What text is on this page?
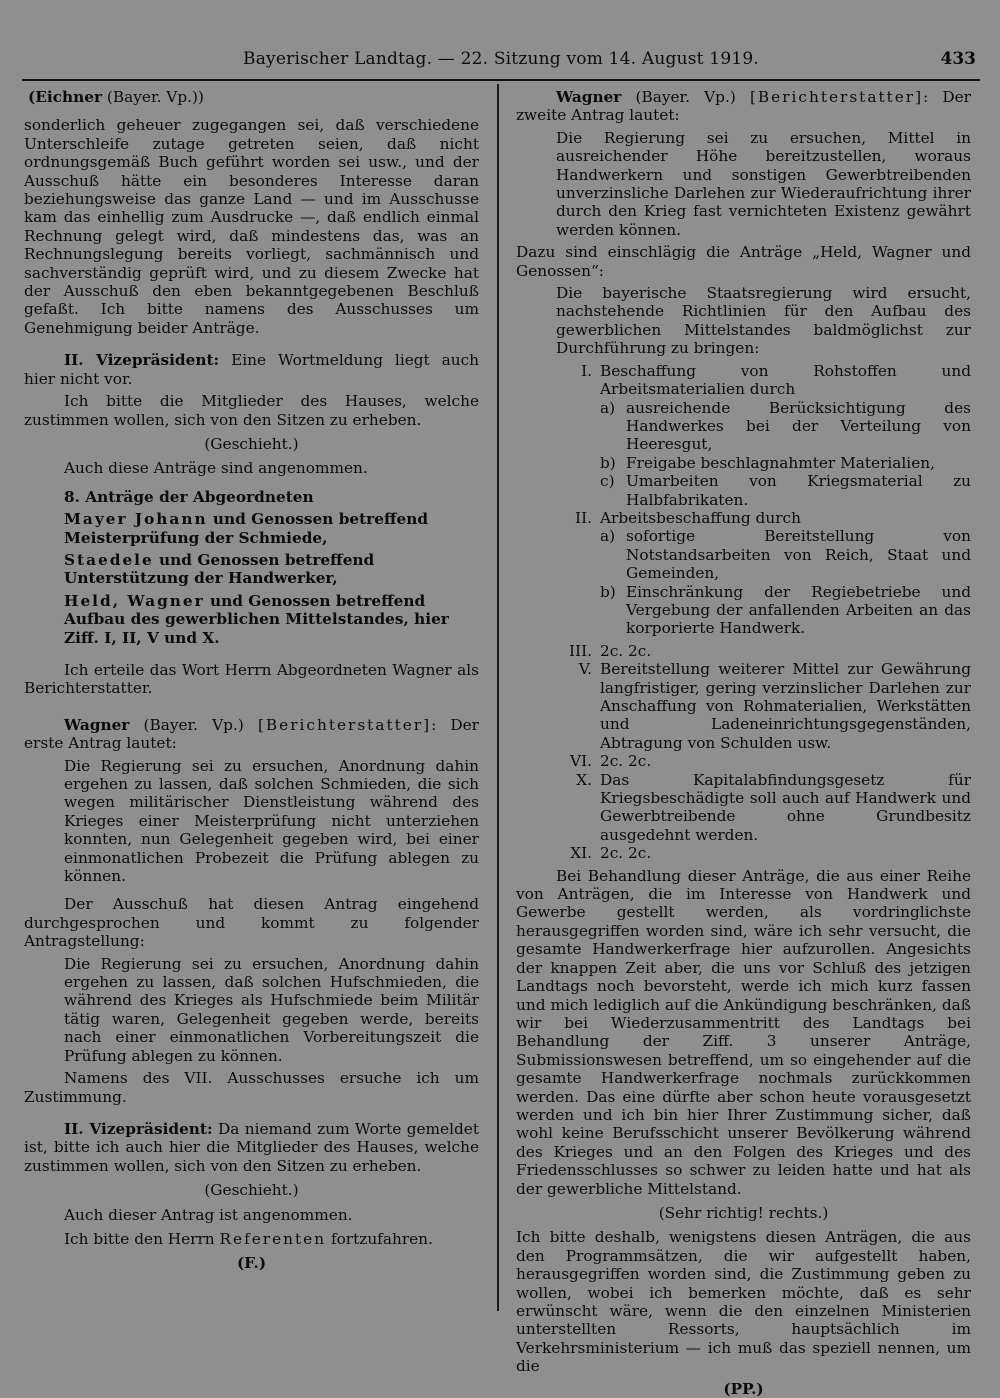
Bayerischer Landtag. — 22. Sitzung vom 14. August 1919.	433

(Eichner (Bayer. Vp.))

sonderlich geheuer zugegangen sei, daß verschiedene Unterschleife zutage getreten seien, daß nicht ordnungsgemäß Buch geführt worden sei usw., und der Ausschuß hätte ein besonderes Interesse daran beziehungsweise das ganze Land — und im Ausschusse kam das einhellig zum Ausdrucke —, daß endlich einmal Rechnung gelegt wird, daß mindestens das, was an Rechnungslegung bereits vorliegt, sachmännisch und sachverständig geprüft wird, und zu diesem Zwecke hat der Ausschuß den eben bekanntgegebenen Beschluß gefaßt. Ich bitte namens des Ausschusses um Genehmigung beider Anträge.

II. Vizepräsident: Eine Wortmeldung liegt auch hier nicht vor.

Ich bitte die Mitglieder des Hauses, welche zustimmen wollen, sich von den Sitzen zu erheben.

(Geschieht.)

Auch diese Anträge sind angenommen.

8. Anträge der Abgeordneten

Mayer Johann und Genossen betreffend Meisterprüfung der Schmiede,

Staedele und Genossen betreffend Unterstützung der Handwerker,

Held, Wagner und Genossen betreffend Aufbau des gewerblichen Mittelstandes, hier Ziff. I, II, V und X.

Ich erteile das Wort Herrn Abgeordneten Wagner als Berichterstatter.

Wagner (Bayer. Vp.) [Berichterstatter]: Der erste Antrag lautet:

Die Regierung sei zu ersuchen, Anordnung dahin ergehen zu lassen, daß solchen Schmieden, die sich wegen militärischer Dienstleistung während des Krieges einer Meisterprüfung nicht unterziehen konnten, nun Gelegenheit gegeben wird, bei einer einmonatlichen Probezeit die Prüfung ablegen zu können.

Der Ausschuß hat diesen Antrag eingehend durchgesprochen und kommt zu folgender Antragstellung:

Die Regierung sei zu ersuchen, Anordnung dahin ergehen zu lassen, daß solchen Hufschmieden, die während des Krieges als Hufschmiede beim Militär tätig waren, Gelegenheit gegeben werde, bereits nach einer einmonatlichen Vorbereitungszeit die Prüfung ablegen zu können.

Namens des VII. Ausschusses ersuche ich um Zustimmung.

II. Vizepräsident: Da niemand zum Worte gemeldet ist, bitte ich auch hier die Mitglieder des Hauses, welche zustimmen wollen, sich von den Sitzen zu erheben.

(Geschieht.)

Auch dieser Antrag ist angenommen.

Ich bitte den Herrn Referenten fortzufahren.

(F.)

Wagner (Bayer. Vp.) [Berichterstatter]: Der zweite Antrag lautet:

Die Regierung sei zu ersuchen, Mittel in ausreichender Höhe bereitzustellen, woraus Handwerkern und sonstigen Gewerbtreibenden unverzinsliche Darlehen zur Wiederaufrichtung ihrer durch den Krieg fast vernichteten Existenz gewährt werden können.

Dazu sind einschlägig die Anträge „Held, Wagner und Genossen“:

Die bayerische Staatsregierung wird ersucht, nachstehende Richtlinien für den Aufbau des gewerblichen Mittelstandes baldmöglichst zur Durchführung zu bringen:

I. Beschaffung von Rohstoffen und Arbeitsmaterialien durch
a) ausreichende Berücksichtigung des Handwerkes bei der Verteilung von Heeresgut,
b) Freigabe beschlagnahmter Materialien,
c) Umarbeiten von Kriegsmaterial zu Halbfabrikaten.
II. Arbeitsbeschaffung durch
a) sofortige Bereitstellung von Notstandsarbeiten von Reich, Staat und Gemeinden,
b) Einschränkung der Regiebetriebe und Vergebung der anfallenden Arbeiten an das korporierte Handwerk.
III. 2c. 2c.
V. Bereitstellung weiterer Mittel zur Gewährung langfristiger, gering verzinslicher Darlehen zur Anschaffung von Rohmaterialien, Werkstätten und Ladeneinrichtungsgegenständen, Abtragung von Schulden usw.
VI. 2c. 2c.
X. Das Kapitalabfindungsgesetz für Kriegsbeschädigte soll auch auf Handwerk und Gewerbtreibende ohne Grundbesitz ausgedehnt werden.
XI. 2c. 2c.

Bei Behandlung dieser Anträge, die aus einer Reihe von Anträgen, die im Interesse von Handwerk und Gewerbe gestellt werden, als vordringlichste herausgegriffen worden sind, wäre ich sehr versucht, die gesamte Handwerkerfrage hier aufzurollen. Angesichts der knappen Zeit aber, die uns vor Schluß des jetzigen Landtags noch bevorsteht, werde ich mich kurz fassen und mich lediglich auf die Ankündigung beschränken, daß wir bei Wiederzusammentritt des Landtags bei Behandlung der Ziff. 3 unserer Anträge, Submissionswesen betreffend, um so eingehender auf die gesamte Handwerkerfrage nochmals zurückkommen werden. Das eine dürfte aber schon heute vorausgesetzt werden und ich bin hier Ihrer Zustimmung sicher, daß wohl keine Berufsschicht unserer Bevölkerung während des Krieges und an den Folgen des Krieges und des Friedensschlusses so schwer zu leiden hatte und hat als der gewerbliche Mittelstand.

(Sehr richtig! rechts.)

Ich bitte deshalb, wenigstens diesen Anträgen, die aus den Programmsätzen, die wir aufgestellt haben, herausgegriffen worden sind, die Zustimmung geben zu wollen, wobei ich bemerken möchte, daß es sehr erwünscht wäre, wenn die den einzelnen Ministerien unterstellten Ressorts, hauptsächlich im Verkehrsministerium — ich muß das speziell nennen, um die

(PP.)
